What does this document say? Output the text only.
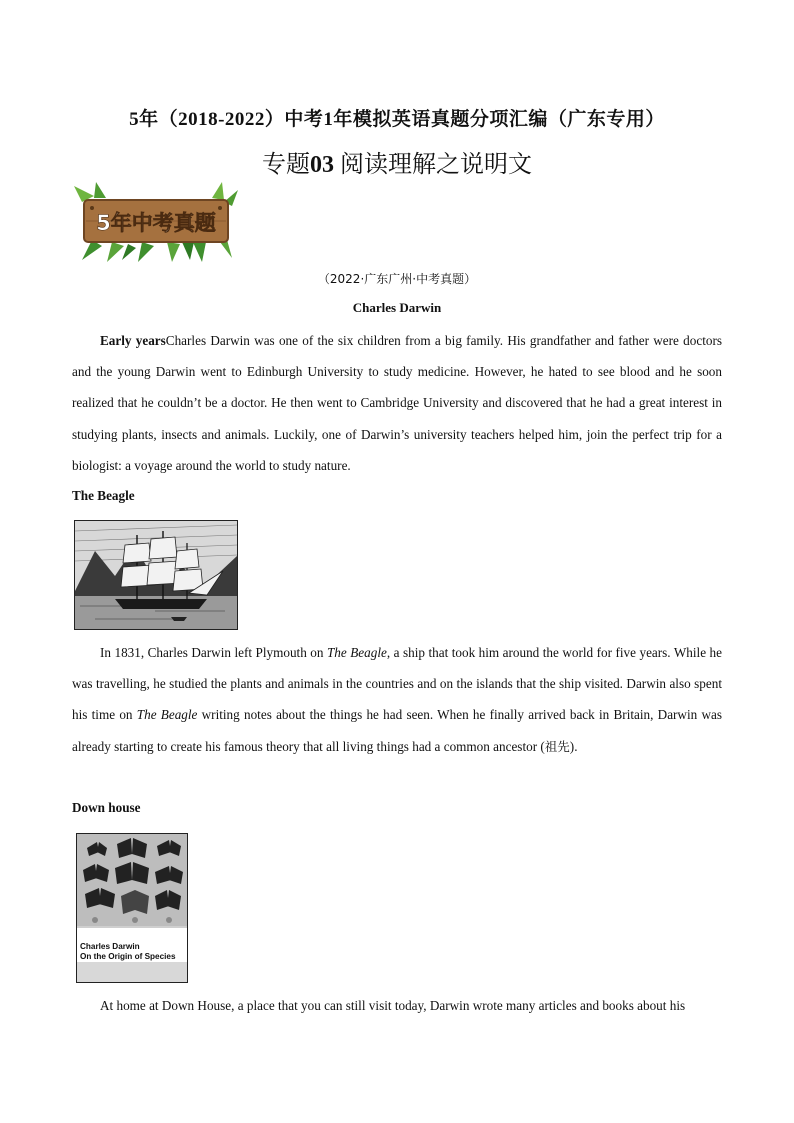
5年（2018-2022）中考1年模拟英语真题分项汇编（广东专用）
专题03 阅读理解之说明文
5年中考真题
（2022·广东广州·中考真题）
Charles Darwin
Early yearsCharles Darwin was one of the six children from a big family. His grandfather and father were doctors and the young Darwin went to Edinburgh University to study medicine. However, he hated to see blood and he soon realized that he couldn’t be a doctor. He then went to Cambridge University and discovered that he had a great interest in studying plants, insects and animals. Luckily, one of Darwin’s university teachers helped him, join the perfect trip for a biologist: a voyage around the world to study nature.
The Beagle
In 1831, Charles Darwin left Plymouth on The Beagle, a ship that took him around the world for five years. While he was travelling, he studied the plants and animals in the countries and on the islands that the ship visited. Darwin also spent his time on The Beagle writing notes about the things he had seen. When he finally arrived back in Britain, Darwin was already starting to create his famous theory that all living things had a common ancestor (祖先).
Down house
Charles Darwin
On the Origin of Species
At home at Down House, a place that you can still visit today, Darwin wrote many articles and books about his
